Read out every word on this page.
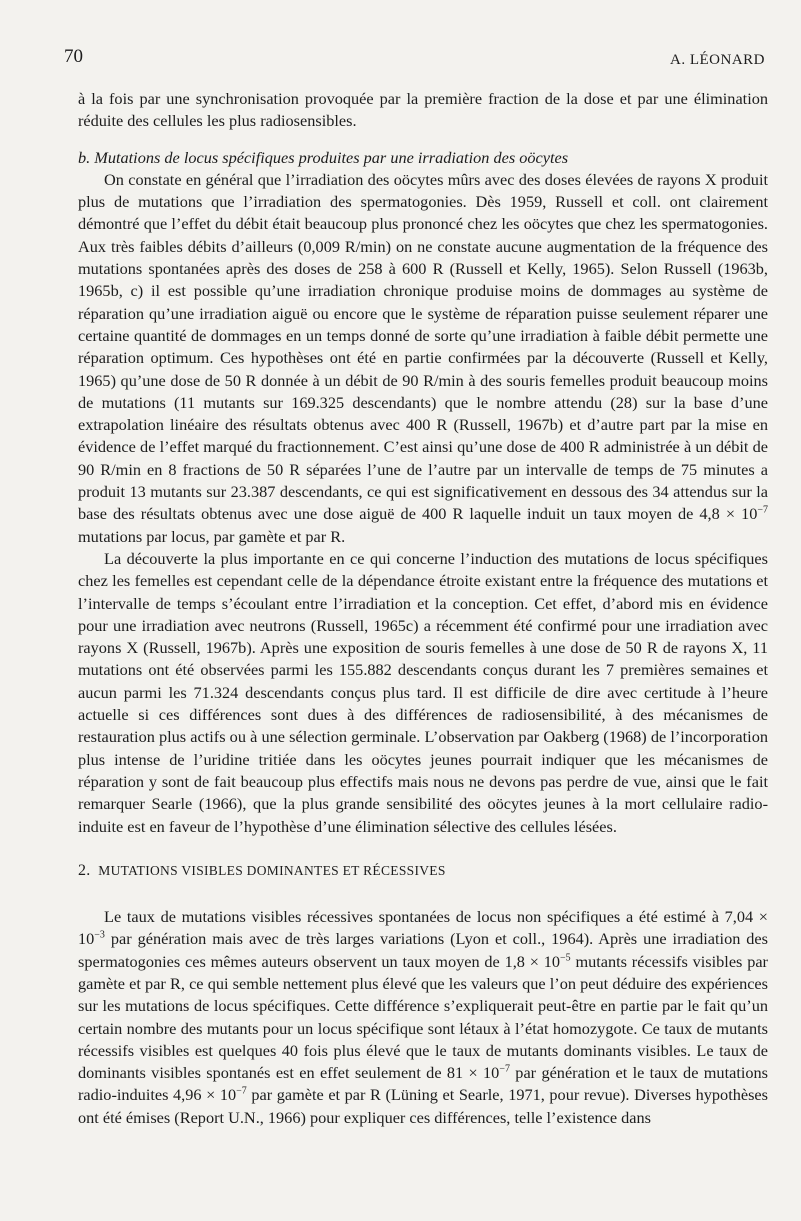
70	A. LÉONARD

à la fois par une synchronisation provoquée par la première fraction de la dose et par une élimination réduite des cellules les plus radiosensibles.

b. Mutations de locus spécifiques produites par une irradiation des oöcytes

On constate en général que l’irradiation des oöcytes mûrs avec des doses élevées de rayons X produit plus de mutations que l’irradiation des spermatogonies. Dès 1959, Russell et coll. ont clairement démontré que l’effet du débit était beaucoup plus prononcé chez les oöcytes que chez les spermatogonies. Aux très faibles débits d’ailleurs (0,009 R/min) on ne constate aucune augmentation de la fréquence des mutations spontanées après des doses de 258 à 600 R (Russell et Kelly, 1965). Selon Russell (1963b, 1965b, c) il est possible qu’une irradiation chronique produise moins de dommages au système de réparation qu’une irradiation aiguë ou encore que le système de réparation puisse seulement réparer une certaine quantité de dommages en un temps donné de sorte qu’une irradiation à faible débit permette une réparation optimum. Ces hypothèses ont été en partie confirmées par la découverte (Russell et Kelly, 1965) qu’une dose de 50 R donnée à un débit de 90 R/min à des souris femelles produit beaucoup moins de mutations (11 mutants sur 169.325 descendants) que le nombre attendu (28) sur la base d’une extrapolation linéaire des résultats obtenus avec 400 R (Russell, 1967b) et d’autre part par la mise en évidence de l’effet marqué du fractionnement. C’est ainsi qu’une dose de 400 R administrée à un débit de 90 R/min en 8 fractions de 50 R séparées l’une de l’autre par un intervalle de temps de 75 minutes a produit 13 mutants sur 23.387 descendants, ce qui est significativement en dessous des 34 attendus sur la base des résultats obtenus avec une dose aiguë de 400 R laquelle induit un taux moyen de $4,8 \times 10^{-7}$ mutations par locus, par gamète et par R.

La découverte la plus importante en ce qui concerne l’induction des mutations de locus spécifiques chez les femelles est cependant celle de la dépendance étroite existant entre la fréquence des mutations et l’intervalle de temps s’écoulant entre l’irradiation et la conception. Cet effet, d’abord mis en évidence pour une irradiation avec neutrons (Russell, 1965c) a récemment été confirmé pour une irradiation avec rayons X (Russell, 1967b). Après une exposition de souris femelles à une dose de 50 R de rayons X, 11 mutations ont été observées parmi les 155.882 descendants conçus durant les 7 premières semaines et aucun parmi les 71.324 descendants conçus plus tard. Il est difficile de dire avec certitude à l’heure actuelle si ces différences sont dues à des différences de radiosensibilité, à des mécanismes de restauration plus actifs ou à une sélection germinale. L’observation par Oakberg (1968) de l’incorporation plus intense de l’uridine tritiée dans les oöcytes jeunes pourrait indiquer que les mécanismes de réparation y sont de fait beaucoup plus effectifs mais nous ne devons pas perdre de vue, ainsi que le fait remarquer Searle (1966), que la plus grande sensibilité des oöcytes jeunes à la mort cellulaire radio-induite est en faveur de l’hypothèse d’une élimination sélective des cellules lésées.

2. MUTATIONS VISIBLES DOMINANTES ET RÉCESSIVES

Le taux de mutations visibles récessives spontanées de locus non spécifiques a été estimé à $7,04 \times 10^{-3}$ par génération mais avec de très larges variations (Lyon et coll., 1964). Après une irradiation des spermatogonies ces mêmes auteurs observent un taux moyen de $1,8 \times 10^{-5}$ mutants récessifs visibles par gamète et par R, ce qui semble nettement plus élevé que les valeurs que l’on peut déduire des expériences sur les mutations de locus spécifiques. Cette différence s’expliquerait peut-être en partie par le fait qu’un certain nombre des mutants pour un locus spécifique sont létaux à l’état homozygote. Ce taux de mutants récessifs visibles est quelques 40 fois plus élevé que le taux de mutants dominants visibles. Le taux de dominants visibles spontanés est en effet seulement de $81 \times 10^{-7}$ par génération et le taux de mutations radio-induites $4,96 \times 10^{-7}$ par gamète et par R (Lüning et Searle, 1971, pour revue). Diverses hypothèses ont été émises (Report U.N., 1966) pour expliquer ces différences, telle l’existence dans
